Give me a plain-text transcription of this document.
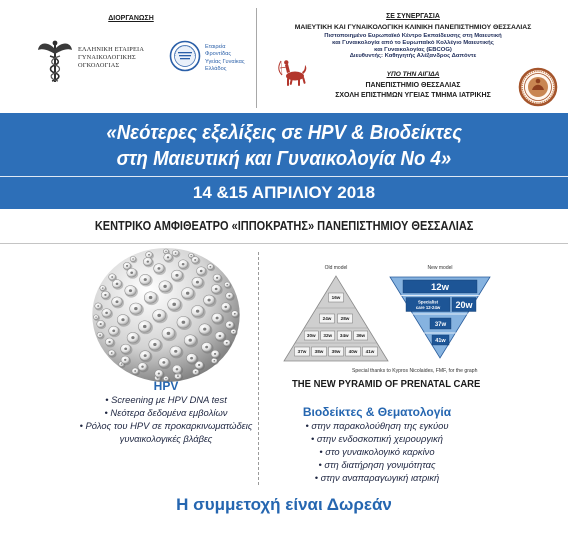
ΔΙΟΡΓΑΝΩΣΗ
ΕΛΛΗΝΙΚΗ ΕΤΑΙΡΕΙΑ
ΓΥΝΑΙΚΟΛΟΓΙΚΗΣ
ΟΓΚΟΛΟΓΙΑΣ
Εταιρεία
Φροντίδας
Υγείας Γυναίκας
Ελλάδος
ΣΕ ΣΥΝΕΡΓΑΣΙΑ
ΜΑΙΕΥΤΙΚΗ ΚΑΙ ΓΥΝΑΙΚΟΛΟΓΙΚΗ ΚΛΙΝΙΚΗ ΠΑΝΕΠΙΣΤΗΜΙΟΥ ΘΕΣΣΑΛΙΑΣ
Πιστοποιημένο Ευρωπαϊκό Κέντρο Εκπαίδευσης στη Μαιευτική
και Γυναικολογία από το Ευρωπαϊκό Κολλέγιο Μαιευτικής
και Γυναικολογίας (EBCOG)
Διευθυντής: Καθηγητής Αλέξανδρος Δαπόντε
ΥΠΟ ΤΗΝ ΑΙΓΙΔΑ
ΠΑΝΕΠΙΣΤΗΜΙΟ ΘΕΣΣΑΛΙΑΣ
ΣΧΟΛΗ ΕΠΙΣΤΗΜΩΝ ΥΓΕΙΑΣ ΤΜΗΜΑ ΙΑΤΡΙΚΗΣ
«Νεότερες εξελίξεις σε HPV & Βιοδείκτες
στη Μαιευτική και Γυναικολογία Νο 4»
14 &15 ΑΠΡΙΛΙΟΥ 2018
ΚΕΝΤΡΙΚΟ ΑΜΦΙΘΕΑΤΡΟ «ΙΠΠΟΚΡΑΤΗΣ» ΠΑΝΕΠΙΣΤΗΜΙΟΥ ΘΕΣΣΑΛΙΑΣ
HPV
• Screening με HPV DNA test
• Νεότερα δεδομένα εμβολίων
• Ρόλος του HPV σε προκαρκινωματώδεις
γυναικολογικές βλάβες
Old model
16w
24w 28w
30w 32w 34w 36w
37w 38w 39w 40w 41w
New model
12w
Specialist
care 12-24w 20w
37w
41w
Special thanks to Kypros Nicolaides, FMF, for the graph
THE NEW PYRAMID OF PRENATAL CARE
Βιοδείκτες & Θεματολογία
• στην παρακολούθηση της εγκύου
• στην ενδοσκοπική χειρουργική
• στο γυναικολογικό καρκίνο
• στη διατήρηση γονιμότητας
• στην αναπαραγωγική ιατρική
Η συμμετοχή είναι Δωρεάν
